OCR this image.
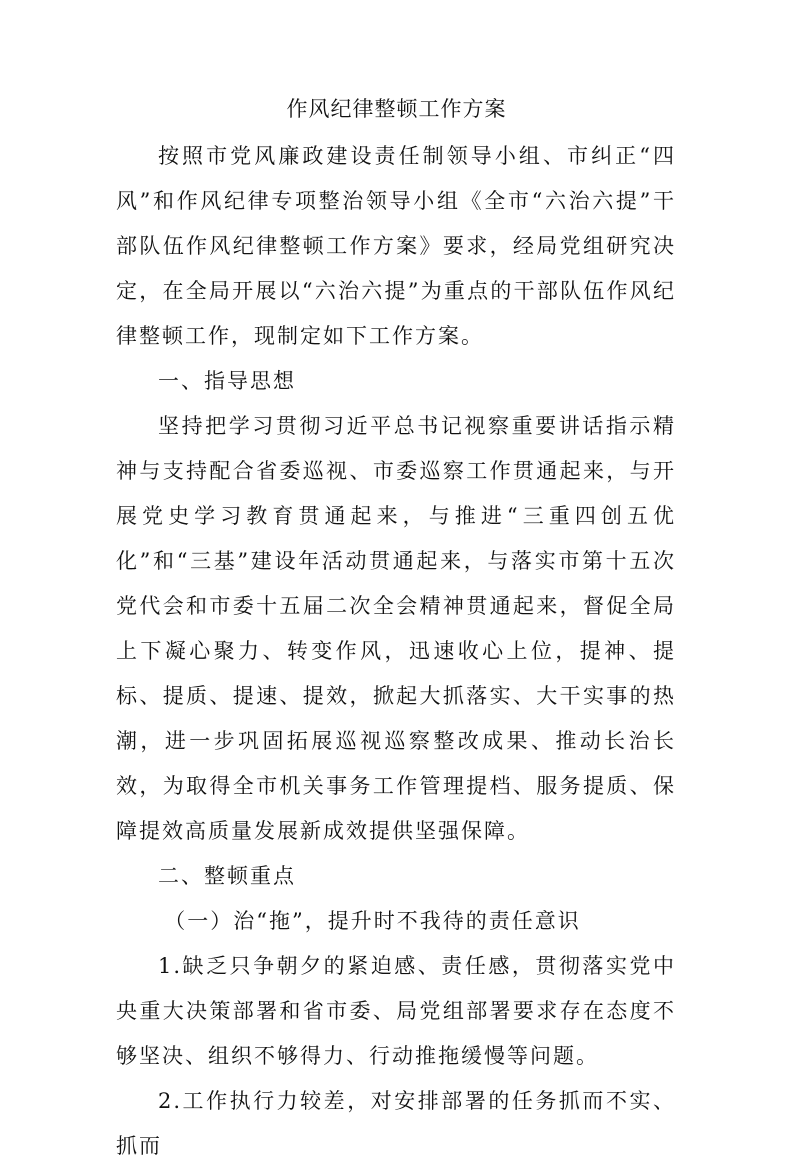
作风纪律整顿工作方案

按照市党风廉政建设责任制领导小组、市纠正“四风”和作风纪律专项整治领导小组《全市“六治六提”干部队伍作风纪律整顿工作方案》要求，经局党组研究决定，在全局开展以“六治六提”为重点的干部队伍作风纪律整顿工作，现制定如下工作方案。

一、指导思想

坚持把学习贯彻习近平总书记视察重要讲话指示精神与支持配合省委巡视、市委巡察工作贯通起来，与开展党史学习教育贯通起来，与推进“三重四创五优化”和“三基”建设年活动贯通起来，与落实市第十五次党代会和市委十五届二次全会精神贯通起来，督促全局上下凝心聚力、转变作风，迅速收心上位，提神、提标、提质、提速、提效，掀起大抓落实、大干实事的热潮，进一步巩固拓展巡视巡察整改成果、推动长治长效，为取得全市机关事务工作管理提档、服务提质、保障提效高质量发展新成效提供坚强保障。

二、整顿重点

（一）治“拖”，提升时不我待的责任意识

1.缺乏只争朝夕的紧迫感、责任感，贯彻落实党中央重大决策部署和省市委、局党组部署要求存在态度不够坚决、组织不够得力、行动推拖缓慢等问题。

2.工作执行力较差，对安排部署的任务抓而不实、抓而
